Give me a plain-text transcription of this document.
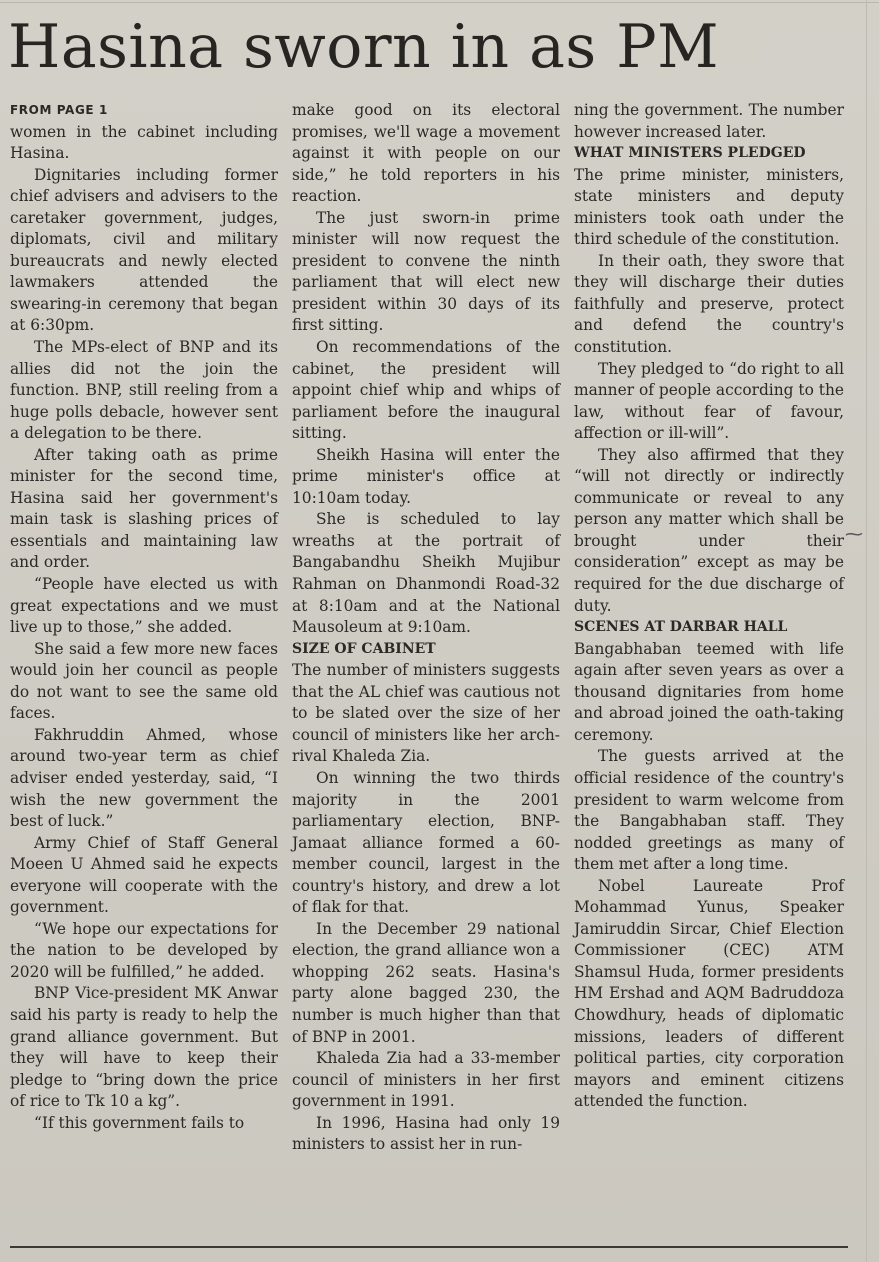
Hasina sworn in as PM
FROM PAGE 1

women in the cabinet including Hasina.

Dignitaries including former chief advisers and advisers to the caretaker government, judges, diplomats, civil and military bureaucrats and newly elected lawmakers attended the swearing-in ceremony that began at 6:30pm.

The MPs-elect of BNP and its allies did not the join the function. BNP, still reeling from a huge polls debacle, however sent a delegation to be there.

After taking oath as prime minister for the second time, Hasina said her government's main task is slashing prices of essentials and maintaining law and order.

“People have elected us with great expectations and we must live up to those,” she added.

She said a few more new faces would join her council as people do not want to see the same old faces.

Fakhruddin Ahmed, whose around two-year term as chief adviser ended yesterday, said, “I wish the new government the best of luck.”

Army Chief of Staff General Moeen U Ahmed said he expects everyone will cooperate with the government.

“We hope our expectations for the nation to be developed by 2020 will be fulfilled,” he added.

BNP Vice-president MK Anwar said his party is ready to help the grand alliance government. But they will have to keep their pledge to “bring down the price of rice to Tk 10 a kg”.

“If this government fails to

make good on its electoral promises, we'll wage a movement against it with people on our side,” he told reporters in his reaction.

The just sworn-in prime minister will now request the president to convene the ninth parliament that will elect new president within 30 days of its first sitting.

On recommendations of the cabinet, the president will appoint chief whip and whips of parliament before the inaugural sitting.

Sheikh Hasina will enter the prime minister's office at 10:10am today.

She is scheduled to lay wreaths at the portrait of Bangabandhu Sheikh Mujibur Rahman on Dhanmondi Road-32 at 8:10am and at the National Mausoleum at 9:10am.

SIZE OF CABINET

The number of ministers suggests that the AL chief was cautious not to be slated over the size of her council of ministers like her arch-rival Khaleda Zia.

On winning the two thirds majority in the 2001 parliamentary election, BNP-Jamaat alliance formed a 60-member council, largest in the country's history, and drew a lot of flak for that.

In the December 29 national election, the grand alliance won a whopping 262 seats. Hasina's party alone bagged 230, the number is much higher than that of BNP in 2001.

Khaleda Zia had a 33-member council of ministers in her first government in 1991.

In 1996, Hasina had only 19 ministers to assist her in run-

ning the government. The number however increased later.

WHAT MINISTERS PLEDGED

The prime minister, ministers, state ministers and deputy ministers took oath under the third schedule of the constitution.

In their oath, they swore that they will discharge their duties faithfully and preserve, protect and defend the country's constitution.

They pledged to “do right to all manner of people according to the law, without fear of favour, affection or ill-will”.

They also affirmed that they “will not directly or indirectly communicate or reveal to any person any matter which shall be brought under their consideration” except as may be required for the due discharge of duty.

SCENES AT DARBAR HALL

Bangabhaban teemed with life again after seven years as over a thousand dignitaries from home and abroad joined the oath-taking ceremony.

The guests arrived at the official residence of the country's president to warm welcome from the Bangabhaban staff. They nodded greetings as many of them met after a long time.

Nobel Laureate Prof Mohammad Yunus, Speaker Jamiruddin Sircar, Chief Election Commissioner (CEC) ATM Shamsul Huda, former presidents HM Ershad and AQM Badruddoza Chowdhury, heads of diplomatic missions, leaders of different political parties, city corporation mayors and eminent citizens attended the function.

⁓
